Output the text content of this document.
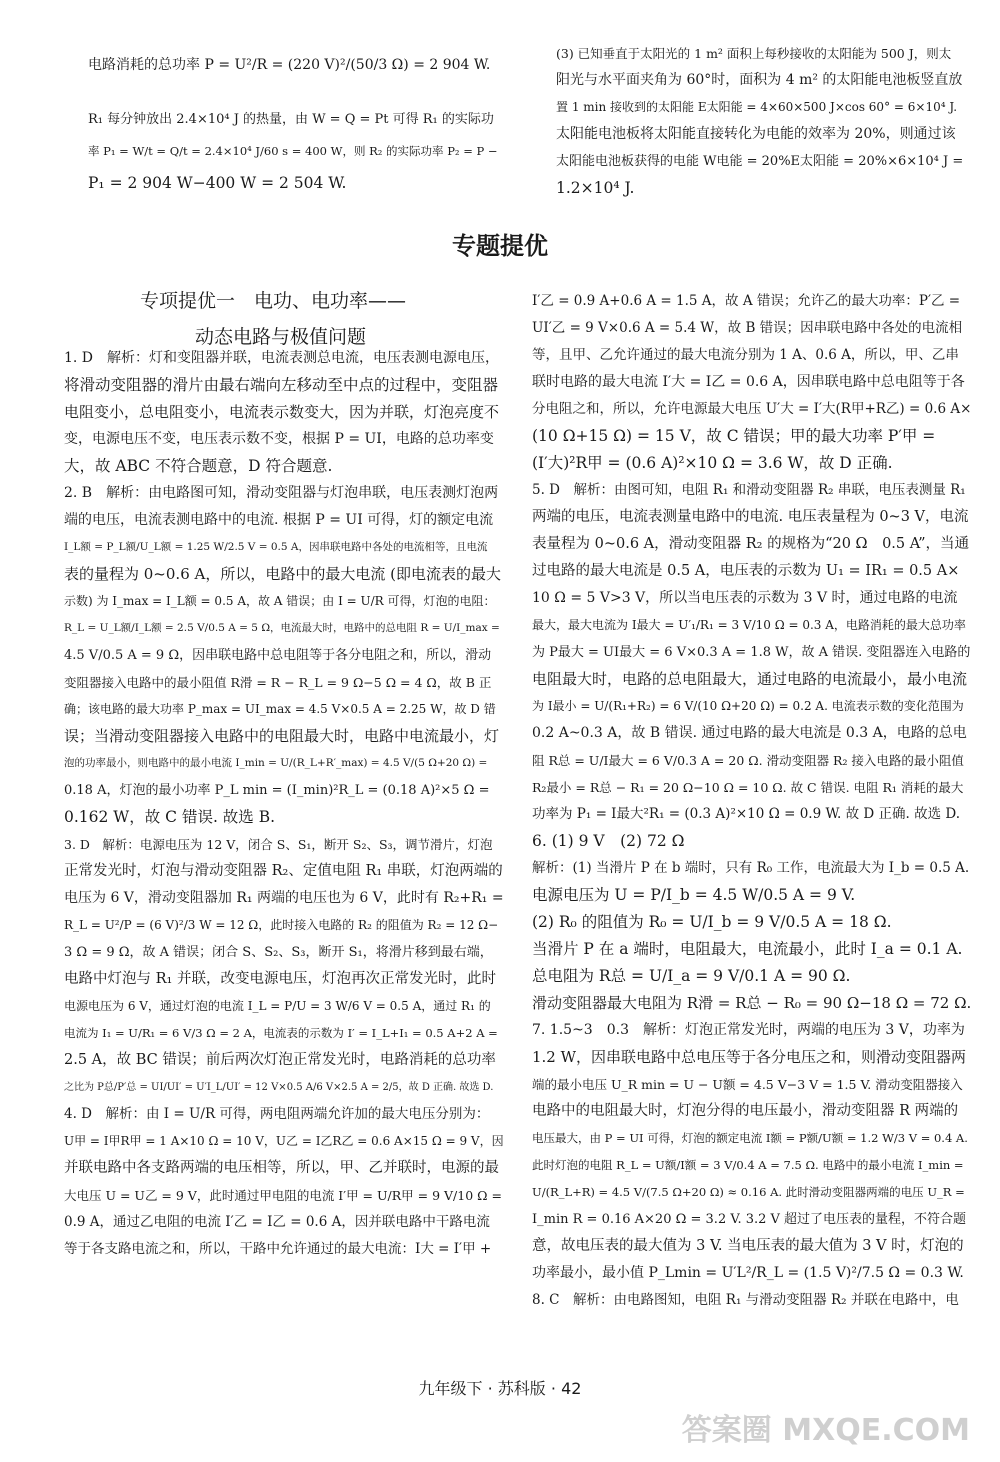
电路消耗的总功率 P = U²/R = (220 V)²/(50/3 Ω) = 2 904 W.

R₁ 每分钟放出 2.4×10⁴ J 的热量，由 W = Q = Pt 可得 R₁ 的实际功

率 P₁ = W/t = Q/t = 2.4×10⁴ J/60 s = 400 W，则 R₂ 的实际功率 P₂ = P −

P₁ = 2 904 W−400 W = 2 504 W.

(3) 已知垂直于太阳光的 1 m² 面积上每秒接收的太阳能为 500 J，则太

阳光与水平面夹角为 60°时，面积为 4 m² 的太阳能电池板竖直放

置 1 min 接收到的太阳能 E太阳能 = 4×60×500 J×cos 60° = 6×10⁴ J.

太阳能电池板将太阳能直接转化为电能的效率为 20%，则通过该

太阳能电池板获得的电能 W电能 = 20%E太阳能 = 20%×6×10⁴ J =

1.2×10⁴ J.

专题提优
专项提优一　电功、电功率——
动态电路与极值问题

1. D　解析：灯和变阻器并联，电流表测总电流，电压表测电源电压，

将滑动变阻器的滑片由最右端向左移动至中点的过程中，变阻器

电阻变小，总电阻变小，电流表示数变大，因为并联，灯泡亮度不

变，电源电压不变，电压表示数不变，根据 P = UI，电路的总功率变

大，故 ABC 不符合题意，D 符合题意.

2. B　解析：由电路图可知，滑动变阻器与灯泡串联，电压表测灯泡两

端的电压，电流表测电路中的电流. 根据 P = UI 可得，灯的额定电流

I_L额 = P_L额/U_L额 = 1.25 W/2.5 V = 0.5 A，因串联电路中各处的电流相等，且电流

表的量程为 0~0.6 A，所以，电路中的最大电流 (即电流表的最大

示数) 为 I_max = I_L额 = 0.5 A，故 A 错误；由 I = U/R 可得，灯泡的电阻：

R_L = U_L额/I_L额 = 2.5 V/0.5 A = 5 Ω，电流最大时，电路中的总电阻 R = U/I_max =

4.5 V/0.5 A = 9 Ω，因串联电路中总电阻等于各分电阻之和，所以，滑动

变阻器接入电路中的最小阻值 R滑 = R − R_L = 9 Ω−5 Ω = 4 Ω，故 B 正

确；该电路的最大功率 P_max = UI_max = 4.5 V×0.5 A = 2.25 W，故 D 错

误；当滑动变阻器接入电路中的电阻最大时，电路中电流最小，灯

泡的功率最小，则电路中的最小电流 I_min = U/(R_L+R′_max) = 4.5 V/(5 Ω+20 Ω) =

0.18 A，灯泡的最小功率 P_L min = (I_min)²R_L = (0.18 A)²×5 Ω =

0.162 W，故 C 错误. 故选 B.

3. D　解析：电源电压为 12 V，闭合 S、S₁，断开 S₂、S₃，调节滑片，灯泡

正常发光时，灯泡与滑动变阻器 R₂、定值电阻 R₁ 串联，灯泡两端的

电压为 6 V，滑动变阻器加 R₁ 两端的电压也为 6 V，此时有 R₂+R₁ =

R_L = U²/P = (6 V)²/3 W = 12 Ω，此时接入电路的 R₂ 的阻值为 R₂ = 12 Ω−

3 Ω = 9 Ω，故 A 错误；闭合 S、S₂、S₃，断开 S₁，将滑片移到最右端，

电路中灯泡与 R₁ 并联，改变电源电压，灯泡再次正常发光时，此时

电源电压为 6 V，通过灯泡的电流 I_L = P/U = 3 W/6 V = 0.5 A，通过 R₁ 的

电流为 I₁ = U/R₁ = 6 V/3 Ω = 2 A，电流表的示数为 I′ = I_L+I₁ = 0.5 A+2 A =

2.5 A，故 BC 错误；前后两次灯泡正常发光时，电路消耗的总功率

之比为 P总/P′总 = UI/UI′ = U′I_L/UI′ = 12 V×0.5 A/6 V×2.5 A = 2/5，故 D 正确. 故选 D.

4. D　解析：由 I = U/R 可得，两电阻两端允许加的最大电压分别为：

U甲 = I甲R甲 = 1 A×10 Ω = 10 V，U乙 = I乙R乙 = 0.6 A×15 Ω = 9 V，因

并联电路中各支路两端的电压相等，所以，甲、乙并联时，电源的最

大电压 U = U乙 = 9 V，此时通过甲电阻的电流 I′甲 = U/R甲 = 9 V/10 Ω =

0.9 A，通过乙电阻的电流 I′乙 = I乙 = 0.6 A，因并联电路中干路电流

等于各支路电流之和，所以，干路中允许通过的最大电流：I大 = I′甲 +

I′乙 = 0.9 A+0.6 A = 1.5 A，故 A 错误；允许乙的最大功率：P′乙 =

UI′乙 = 9 V×0.6 A = 5.4 W，故 B 错误；因串联电路中各处的电流相

等，且甲、乙允许通过的最大电流分别为 1 A、0.6 A，所以，甲、乙串

联时电路的最大电流 I′大 = I乙 = 0.6 A，因串联电路中总电阻等于各

分电阻之和，所以，允许电源最大电压 U′大 = I′大(R甲+R乙) = 0.6 A×

(10 Ω+15 Ω) = 15 V，故 C 错误；甲的最大功率 P′甲 =

(I′大)²R甲 = (0.6 A)²×10 Ω = 3.6 W，故 D 正确.

5. D　解析：由图可知，电阻 R₁ 和滑动变阻器 R₂ 串联，电压表测量 R₁

两端的电压，电流表测量电路中的电流. 电压表量程为 0~3 V，电流

表量程为 0~0.6 A，滑动变阻器 R₂ 的规格为“20 Ω　0.5 A”，当通

过电路的最大电流是 0.5 A，电压表的示数为 U₁ = IR₁ = 0.5 A×

10 Ω = 5 V>3 V，所以当电压表的示数为 3 V 时，通过电路的电流

最大，最大电流为 I最大 = U′₁/R₁ = 3 V/10 Ω = 0.3 A，电路消耗的最大总功率

为 P最大 = UI最大 = 6 V×0.3 A = 1.8 W，故 A 错误. 变阻器连入电路的

电阻最大时，电路的总电阻最大，通过电路的电流最小，最小电流

为 I最小 = U/(R₁+R₂) = 6 V/(10 Ω+20 Ω) = 0.2 A. 电流表示数的变化范围为

0.2 A~0.3 A，故 B 错误. 通过电路的最大电流是 0.3 A，电路的总电

阻 R总 = U/I最大 = 6 V/0.3 A = 20 Ω. 滑动变阻器 R₂ 接入电路的最小阻值

R₂最小 = R总 − R₁ = 20 Ω−10 Ω = 10 Ω. 故 C 错误. 电阻 R₁ 消耗的最大

功率为 P₁ = I最大²R₁ = (0.3 A)²×10 Ω = 0.9 W. 故 D 正确. 故选 D.

6. (1) 9 V　(2) 72 Ω

解析：(1) 当滑片 P 在 b 端时，只有 R₀ 工作，电流最大为 I_b = 0.5 A.

电源电压为 U = P/I_b = 4.5 W/0.5 A = 9 V.

(2) R₀ 的阻值为 R₀ = U/I_b = 9 V/0.5 A = 18 Ω.

当滑片 P 在 a 端时，电阻最大，电流最小，此时 I_a = 0.1 A.

总电阻为 R总 = U/I_a = 9 V/0.1 A = 90 Ω.

滑动变阻器最大电阻为 R滑 = R总 − R₀ = 90 Ω−18 Ω = 72 Ω.

7. 1.5~3　0.3　解析：灯泡正常发光时，两端的电压为 3 V，功率为

1.2 W，因串联电路中总电压等于各分电压之和，则滑动变阻器两

端的最小电压 U_R min = U − U额 = 4.5 V−3 V = 1.5 V. 滑动变阻器接入

电路中的电阻最大时，灯泡分得的电压最小，滑动变阻器 R 两端的

电压最大，由 P = UI 可得，灯泡的额定电流 I额 = P额/U额 = 1.2 W/3 V = 0.4 A.

此时灯泡的电阻 R_L = U额/I额 = 3 V/0.4 A = 7.5 Ω. 电路中的最小电流 I_min =

U/(R_L+R) = 4.5 V/(7.5 Ω+20 Ω) ≈ 0.16 A. 此时滑动变阻器两端的电压 U_R =

I_min R = 0.16 A×20 Ω = 3.2 V. 3.2 V 超过了电压表的量程，不符合题

意，故电压表的最大值为 3 V. 当电压表的最大值为 3 V 时，灯泡的

功率最小，最小值 P_Lmin = U′L²/R_L = (1.5 V)²/7.5 Ω = 0.3 W.

8. C　解析：由电路图知，电阻 R₁ 与滑动变阻器 R₂ 并联在电路中，电

九年级下 · 苏科版 · 42
答案圈 MXQE.COM
